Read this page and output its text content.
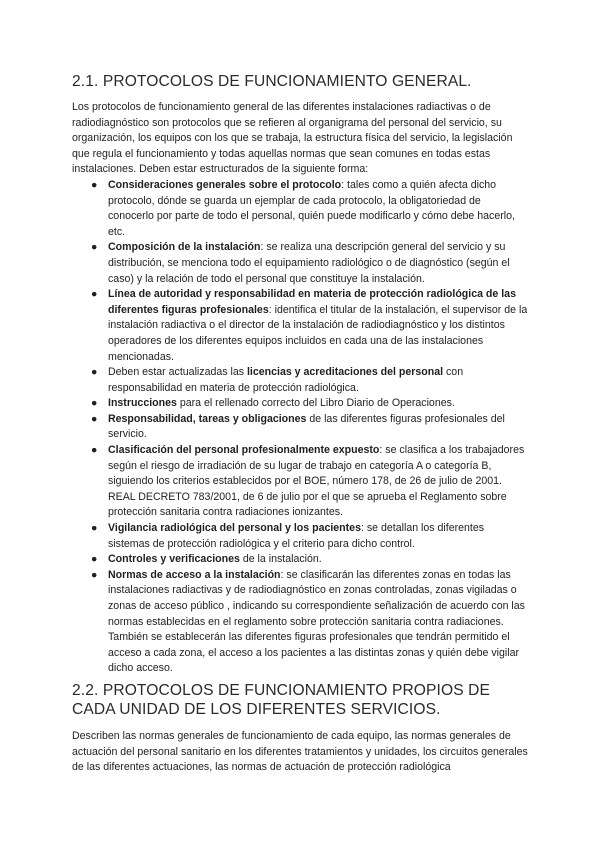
2.1. PROTOCOLOS DE FUNCIONAMIENTO GENERAL.

Los protocolos de funcionamiento general de las diferentes instalaciones radiactivas o de radiodiagnóstico son protocolos que se refieren al organigrama del personal del servicio, su organización, los equipos con los que se trabaja, la estructura física del servicio, la legislación que regula el funcionamiento y todas aquellas normas que sean comunes en todas estas instalaciones. Deben estar estructurados de la siguiente forma:

● Consideraciones generales sobre el protocolo: tales como a quién afecta dicho protocolo, dónde se guarda un ejemplar de cada protocolo, la obligatoriedad de conocerlo por parte de todo el personal, quién puede modificarlo y cómo debe hacerlo, etc.
● Composición de la instalación: se realiza una descripción general del servicio y su distribución, se menciona todo el equipamiento radiológico o de diagnóstico (según el caso) y la relación de todo el personal que constituye la instalación.
● Línea de autoridad y responsabilidad en materia de protección radiológica de las diferentes figuras profesionales: identifica el titular de la instalación, el supervisor de la instalación radiactiva o el director de la instalación de radiodiagnóstico y los distintos operadores de los diferentes equipos incluidos en cada una de las instalaciones mencionadas.
● Deben estar actualizadas las licencias y acreditaciones del personal con responsabilidad en materia de protección radiológica.
● Instrucciones para el rellenado correcto del Libro Diario de Operaciones.
● Responsabilidad, tareas y obligaciones de las diferentes figuras profesionales del servicio.
● Clasificación del personal profesionalmente expuesto: se clasifica a los trabajadores según el riesgo de irradiación de su lugar de trabajo en categoría A o categoría B, siguiendo los criterios establecidos por el BOE, número 178, de 26 de julio de 2001. REAL DECRETO 783/2001, de 6 de julio por el que se aprueba el Reglamento sobre protección sanitaria contra radiaciones ionizantes.
● Vigilancia radiológica del personal y los pacientes: se detallan los diferentes sistemas de protección radiológica y el criterio para dicho control.
● Controles y verificaciones de la instalación.
● Normas de acceso a la instalación: se clasificarán las diferentes zonas en todas las instalaciones radiactivas y de radiodiagnóstico en zonas controladas, zonas vigiladas o zonas de acceso público , indicando su correspondiente señalización de acuerdo con las normas establecidas en el reglamento sobre protección sanitaria contra radiaciones. También se establecerán las diferentes figuras profesionales que tendrán permitido el acceso a cada zona, el acceso a los pacientes a las distintas zonas y quién debe vigilar dicho acceso.
2.2. PROTOCOLOS DE FUNCIONAMIENTO PROPIOS DE CADA UNIDAD DE LOS DIFERENTES SERVICIOS.

Describen las normas generales de funcionamiento de cada equipo, las normas generales de actuación del personal sanitario en los diferentes tratamientos y unidades, los circuitos generales de las diferentes actuaciones, las normas de actuación de protección radiológica
